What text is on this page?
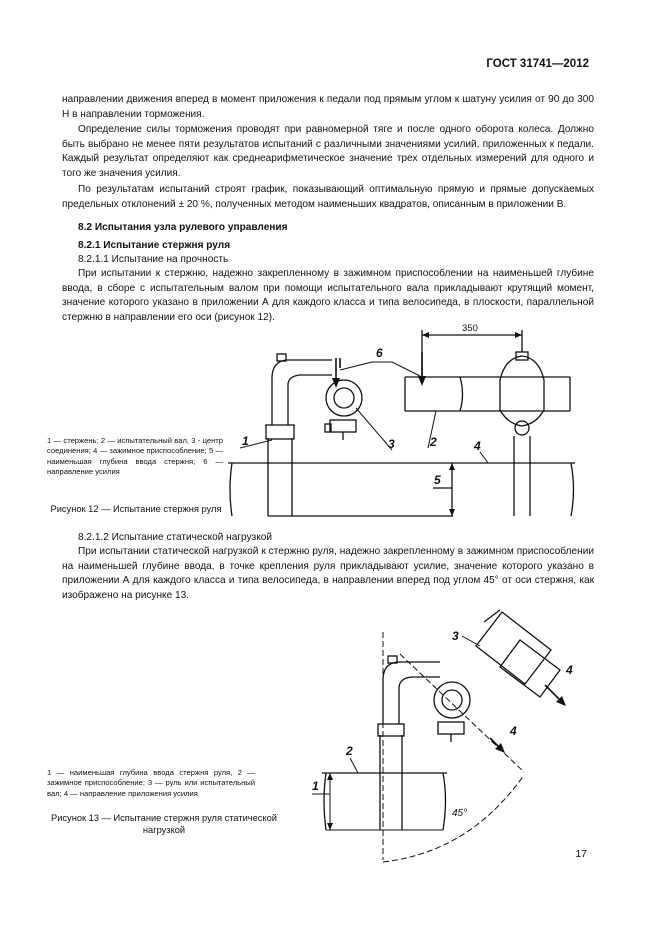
ГОСТ 31741—2012

направлении движения вперед в момент приложения к педали под прямым углом к шатуну усилия от 90 до 300 Н в направлении торможения.

Определение силы торможения проводят при равномерной тяге и после одного оборота колеса. Должно быть выбрано не менее пяти результатов испытаний с различными значениями усилий, приложенных к педали. Каждый результат определяют как среднеарифметическое значение трех отдельных измерений для одного и того же значения усилия.

По результатам испытаний строят график, показывающий оптимальную прямую и прямые допускаемых предельных отклонений ± 20 %, полученных методом наименьших квадратов, описанным в приложении В.

8.2 Испытания узла рулевого управления
8.2.1 Испытание стержня руля
8.2.1.1 Испытание на прочность

При испытании к стержню, надежно закрепленному в зажимном приспособлении на наименьшей глубине ввода, в сборе с испытательным валом при помощи испытательного вала прикладывают крутящий момент, значение которого указано в приложении А для каждого класса и типа велосипеда, в плоскости, параллельной стержню в направлении его оси (рисунок 12).

1	2
3	4
5
6
350

1 — стержень; 2 — испытательный вал, 3 - центр соединения; 4 — зажимное приспособление; 5 — наименьшая глубина ввода стержня; 6 — направление усилия

Рисунок 12 — Испытание стержня руля

8.2.1.2 Испытание статической нагрузкой

При испытании статической нагрузкой к стержню руля, надежно закрепленному в зажимном приспособлении на наименьшей глубине ввода, в точке крепления руля прикладывают усилие, значение которого указано в приложении А для каждого класса и типа велосипеда, в направлении вперед под углом 45° от оси стержня, как изображено на рисунке 13.

1
2
3
4
4
45°

1 — наименьшая глубина ввода стержня руля, 2 — зажимное приспособление; 3 — руль или испытательный вал; 4 — направление приложения усилия

Рисунок 13 — Испытание стержня руля статической нагрузкой

17
